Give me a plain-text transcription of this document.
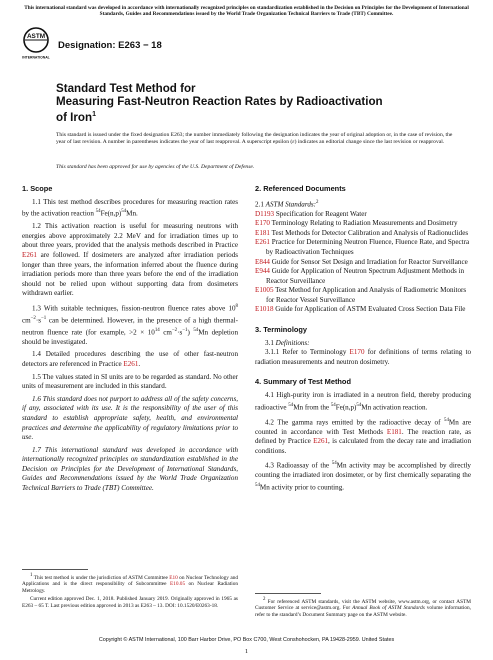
This international standard was developed in accordance with internationally recognized principles on standardization established in the Decision on Principles for the Development of International Standards, Guides and Recommendations issued by the World Trade Organization Technical Barriers to Trade (TBT) Committee.
ASTM
INTERNATIONAL
Designation: E263 − 18
Standard Test Method for
Measuring Fast-Neutron Reaction Rates by Radioactivation
of Iron$^1$
This standard is issued under the fixed designation E263; the number immediately following the designation indicates the year of original adoption or, in the case of revision, the year of last revision. A number in parentheses indicates the year of last reapproval. A superscript epsilon (ε) indicates an editorial change since the last revision or reapproval.
This standard has been approved for use by agencies of the U.S. Department of Defense.
1. Scope

1.1 This test method describes procedures for measuring reaction rates by the activation reaction $^{54}Fe(n,p)^{54}Mn$.

1.2 This activation reaction is useful for measuring neutrons with energies above approximately 2.2 MeV and for irradiation times up to about three years, provided that the analysis methods described in Practice E261 are followed. If dosimeters are analyzed after irradiation periods longer than three years, the information inferred about the fluence during irradiation periods more than three years before the end of the irradiation should not be relied upon without supporting data from dosimeters withdrawn earlier.

1.3 With suitable techniques, fission-neutron fluence rates above $10^8$ $cm^{-2}\cdot s^{-1}$ can be determined. However, in the presence of a high thermal-neutron fluence rate (for example, $>2 \times 10^{14}$ $cm^{-2}\cdot s^{-1}$) $^{54}$Mn depletion should be investigated.

1.4 Detailed procedures describing the use of other fast-neutron detectors are referenced in Practice E261.

1.5 The values stated in SI units are to be regarded as standard. No other units of measurement are included in this standard.

1.6 This standard does not purport to address all of the safety concerns, if any, associated with its use. It is the responsibility of the user of this standard to establish appropriate safety, health, and environmental practices and determine the applicability of regulatory limitations prior to use.

1.7 This international standard was developed in accordance with internationally recognized principles on standardization established in the Decision on Principles for the Development of International Standards, Guides and Recommendations issued by the World Trade Organization Technical Barriers to Trade (TBT) Committee.

$^1$ This test method is under the jurisdiction of ASTM Committee E10 on Nuclear Technology and Applications and is the direct responsibility of Subcommittee E10.05 on Nuclear Radiation Metrology.

Current edition approved Dec. 1, 2018. Published January 2019. Originally approved in 1965 as E263 – 65 T. Last previous edition approved in 2013 as E263 – 13. DOI: 10.1520/E0263-18.

2. Referenced Documents

2.1 ASTM Standards:$^2$

D1193 Specification for Reagent Water
E170 Terminology Relating to Radiation Measurements and Dosimetry
E181 Test Methods for Detector Calibration and Analysis of Radionuclides
E261 Practice for Determining Neutron Fluence, Fluence Rate, and Spectra by Radioactivation Techniques
E844 Guide for Sensor Set Design and Irradiation for Reactor Surveillance
E944 Guide for Application of Neutron Spectrum Adjustment Methods in Reactor Surveillance
E1005 Test Method for Application and Analysis of Radiometric Monitors for Reactor Vessel Surveillance
E1018 Guide for Application of ASTM Evaluated Cross Section Data File
3. Terminology

3.1 Definitions:

3.1.1 Refer to Terminology E170 for definitions of terms relating to radiation measurements and neutron dosimetry.

4. Summary of Test Method

4.1 High-purity iron is irradiated in a neutron field, thereby producing radioactive $^{54}$Mn from the $^{54}Fe(n,p)^{54}Mn$ activation reaction.

4.2 The gamma rays emitted by the radioactive decay of $^{54}$Mn are counted in accordance with Test Methods E181. The reaction rate, as defined by Practice E261, is calculated from the decay rate and irradiation conditions.

4.3 Radioassay of the $^{54}$Mn activity may be accomplished by directly counting the irradiated iron dosimeter, or by first chemically separating the $^{54}$Mn activity prior to counting.

$^2$ For referenced ASTM standards, visit the ASTM website, www.astm.org, or contact ASTM Customer Service at service@astm.org. For Annual Book of ASTM Standards volume information, refer to the standard’s Document Summary page on the ASTM website.

Copyright © ASTM International, 100 Barr Harbor Drive, PO Box C700, West Conshohocken, PA 19428-2959. United States
1
